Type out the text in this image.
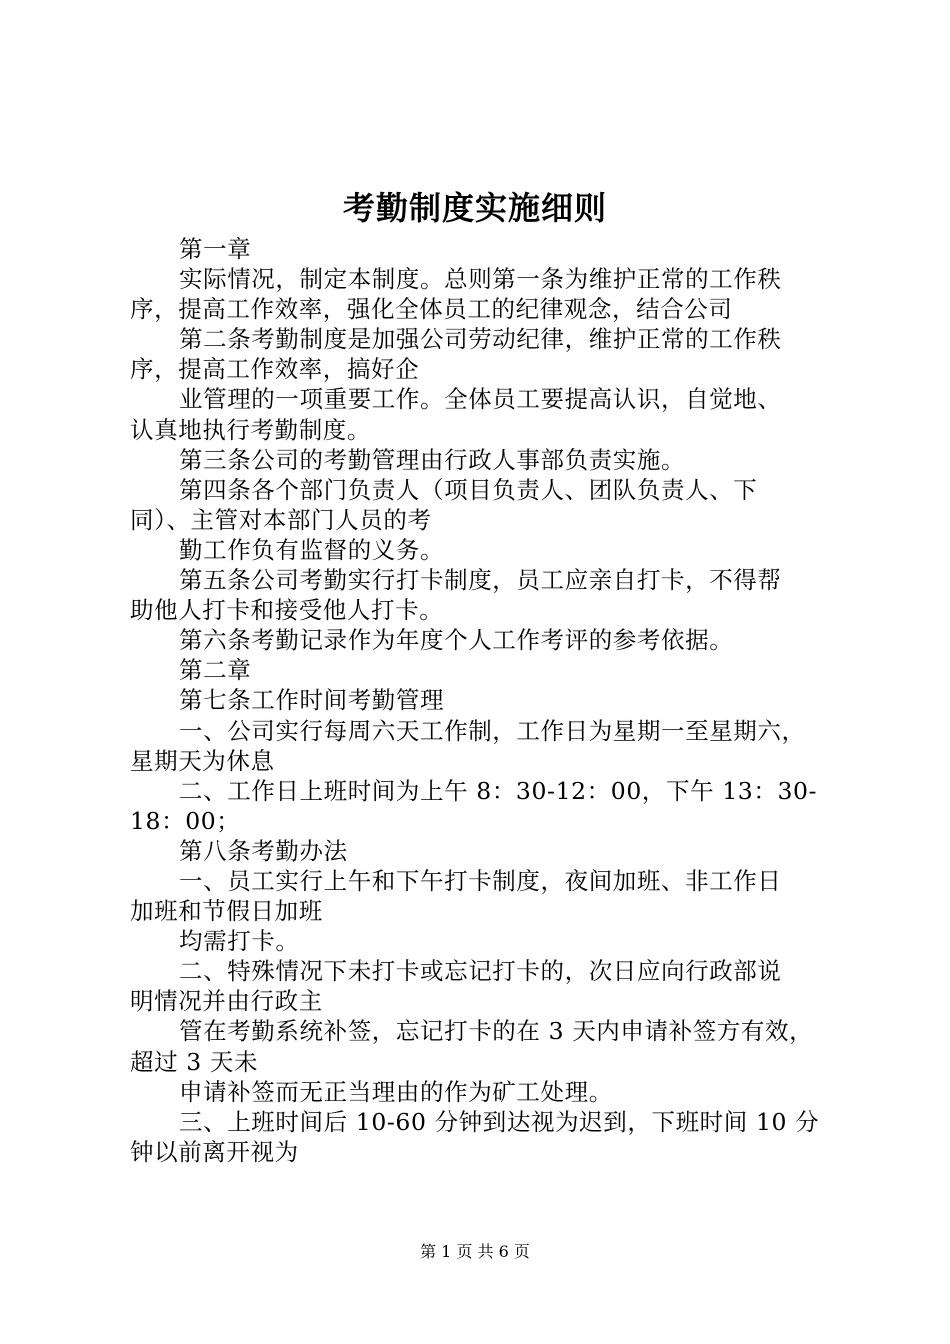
考勤制度实施细则
第一章
实际情况，制定本制度。总则第一条为维护正常的工作秩
序，提高工作效率，强化全体员工的纪律观念，结合公司
第二条考勤制度是加强公司劳动纪律，维护正常的工作秩
序，提高工作效率，搞好企
业管理的一项重要工作。全体员工要提高认识，自觉地、
认真地执行考勤制度。
第三条公司的考勤管理由行政人事部负责实施。
第四条各个部门负责人（项目负责人、团队负责人、下
同）、主管对本部门人员的考
勤工作负有监督的义务。
第五条公司考勤实行打卡制度，员工应亲自打卡，不得帮
助他人打卡和接受他人打卡。
第六条考勤记录作为年度个人工作考评的参考依据。
第二章
第七条工作时间考勤管理
一、公司实行每周六天工作制，工作日为星期一至星期六，
星期天为休息
二、工作日上班时间为上午 8：30-12：00，下午 13：30-
18：00；
第八条考勤办法
一、员工实行上午和下午打卡制度，夜间加班、非工作日
加班和节假日加班
均需打卡。
二、特殊情况下未打卡或忘记打卡的，次日应向行政部说
明情况并由行政主
管在考勤系统补签，忘记打卡的在 3 天内申请补签方有效，
超过 3 天未
申请补签而无正当理由的作为矿工处理。
三、上班时间后 10-60 分钟到达视为迟到，下班时间 10 分
钟以前离开视为
第 1 页 共 6 页
